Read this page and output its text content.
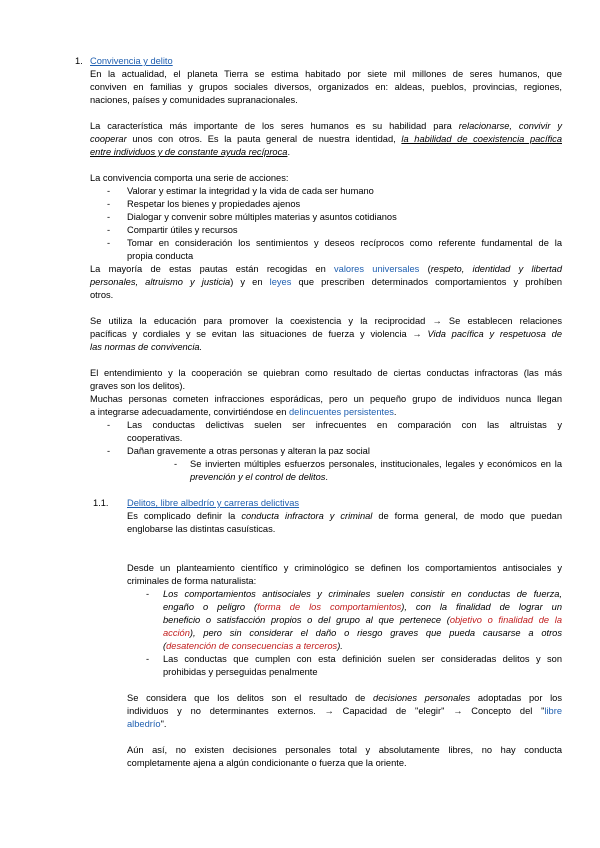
1. Convivencia y delito
En la actualidad, el planeta Tierra se estima habitado por siete mil millones de seres humanos, que
conviven en familias y grupos sociales diversos, organizados en: aldeas, pueblos, provincias, regiones,
naciones, países y comunidades supranacionales.
La característica más importante de los seres humanos es su habilidad para relacionarse, convivir y
cooperar unos con otros. Es la pauta general de nuestra identidad, la habilidad de coexistencia pacífica
entre individuos y de constante ayuda recíproca.
La convivencia comporta una serie de acciones:
- Valorar y estimar la integridad y la vida de cada ser humano
- Respetar los bienes y propiedades ajenos
- Dialogar y convenir sobre múltiples materias y asuntos cotidianos
- Compartir útiles y recursos
- Tomar en consideración los sentimientos y deseos recíprocos como referente fundamental de la
propia conducta
La mayoría de estas pautas están recogidas en valores universales (respeto, identidad y libertad
personales, altruismo y justicia) y en leyes que prescriben determinados comportamientos y prohíben
otros.
Se utiliza la educación para promover la coexistencia y la reciprocidad → Se establecen relaciones
pacíficas y cordiales y se evitan las situaciones de fuerza y violencia → Vida pacífica y respetuosa de
las normas de convivencia.
El entendimiento y la cooperación se quiebran como resultado de ciertas conductas infractoras (las más
graves son los delitos).
Muchas personas cometen infracciones esporádicas, pero un pequeño grupo de individuos nunca llegan
a integrarse adecuadamente, convirtiéndose en delincuentes persistentes.
- Las conductas delictivas suelen ser infrecuentes en comparación con las altruistas y
cooperativas.
- Dañan gravemente a otras personas y alteran la paz social
- Se invierten múltiples esfuerzos personales, institucionales, legales y económicos en la
prevención y el control de delitos.
1.1. Delitos, libre albedrío y carreras delictivas
Es complicado definir la conducta infractora y criminal de forma general, de modo que puedan
englobarse las distintas casuísticas.
Desde un planteamiento científico y criminológico se definen los comportamientos antisociales y
criminales de forma naturalista:
- Los comportamientos antisociales y criminales suelen consistir en conductas de fuerza,
engaño o peligro (forma de los comportamientos), con la finalidad de lograr un
beneficio o satisfacción propios o del grupo al que pertenece (objetivo o finalidad de la
acción), pero sin considerar el daño o riesgo graves que pueda causarse a otros
(desatención de consecuencias a terceros).
- Las conductas que cumplen con esta definición suelen ser consideradas delitos y son
prohibidas y perseguidas penalmente
Se considera que los delitos son el resultado de decisiones personales adoptadas por los
individuos y no determinantes externos. → Capacidad de "elegir" → Concepto del "libre
albedrío".
Aún así, no existen decisiones personales total y absolutamente libres, no hay conducta
completamente ajena a algún condicionante o fuerza que la oriente.
